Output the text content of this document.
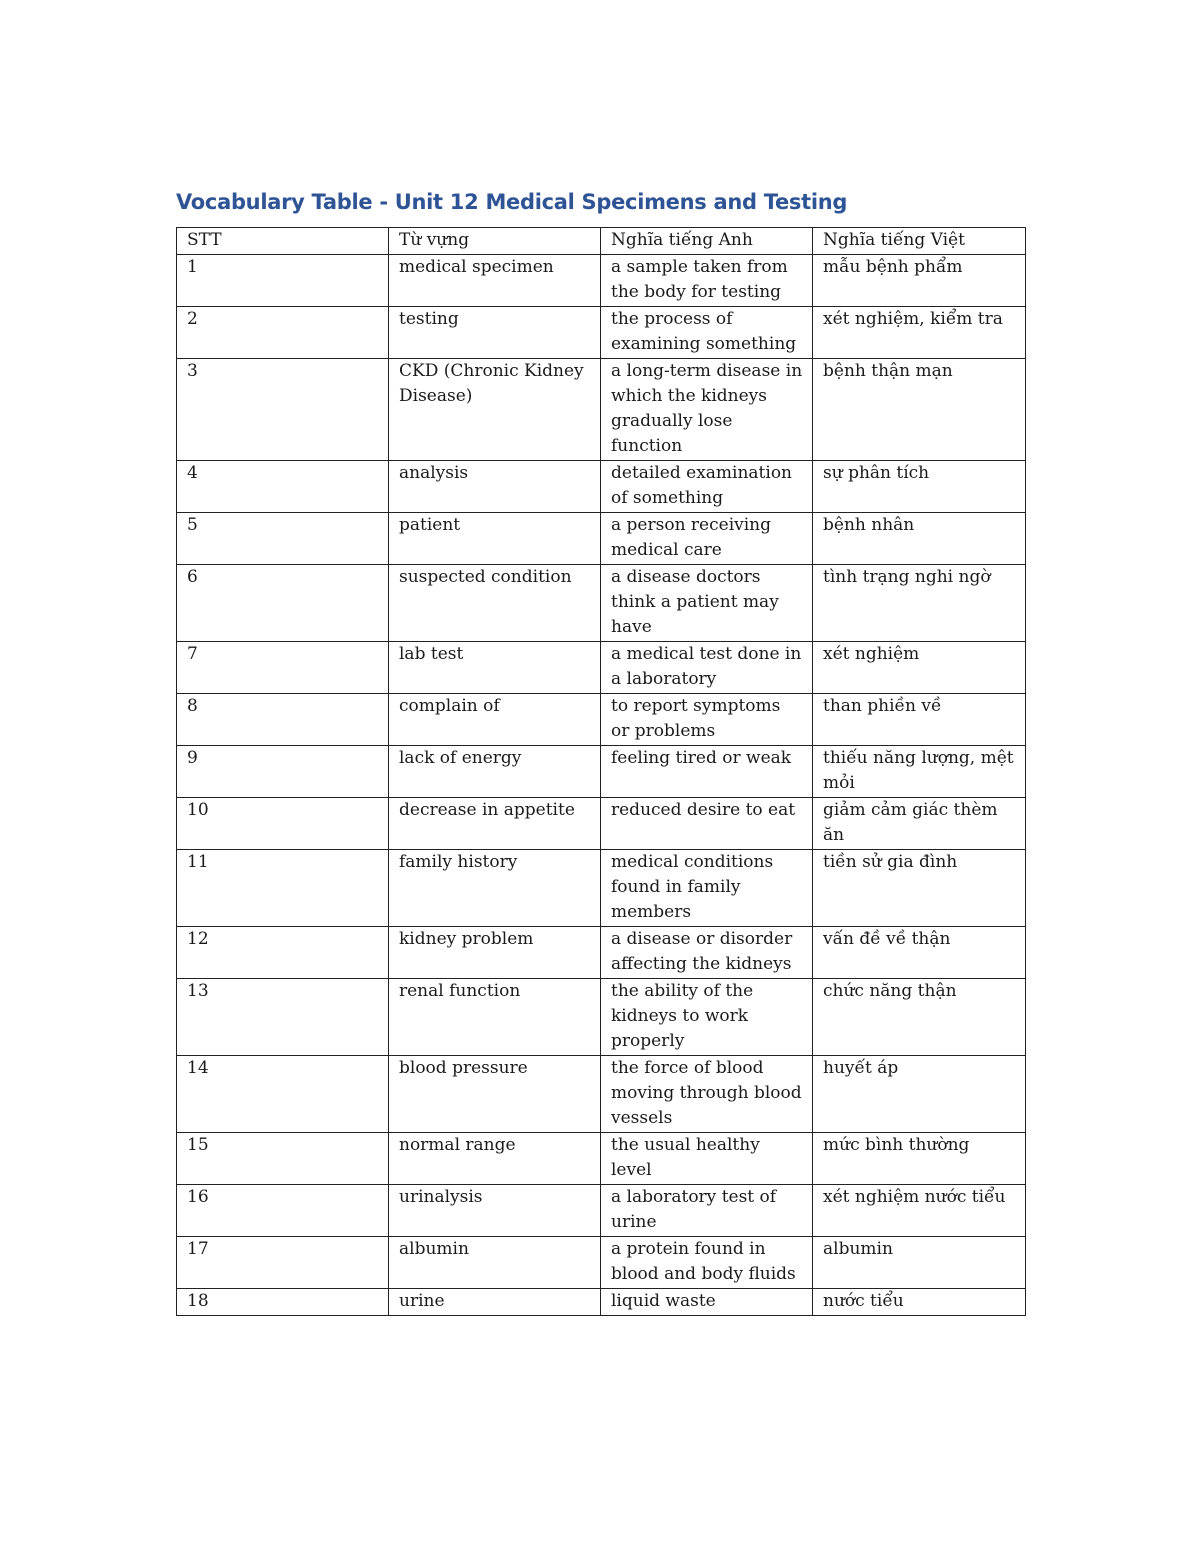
Vocabulary Table - Unit 12 Medical Specimens and Testing
STT	Từ vựng	Nghĩa tiếng Anh	Nghĩa tiếng Việt
1	medical specimen	a sample taken from the body for testing	mẫu bệnh phẩm
2	testing	the process of examining something	xét nghiệm, kiểm tra
3	CKD (Chronic Kidney Disease)	a long-term disease in which the kidneys gradually lose function	bệnh thận mạn
4	analysis	detailed examination of something	sự phân tích
5	patient	a person receiving medical care	bệnh nhân
6	suspected condition	a disease doctors think a patient may have	tình trạng nghi ngờ
7	lab test	a medical test done in a laboratory	xét nghiệm
8	complain of	to report symptoms or problems	than phiền về
9	lack of energy	feeling tired or weak	thiếu năng lượng, mệt mỏi
10	decrease in appetite	reduced desire to eat	giảm cảm giác thèm ăn
11	family history	medical conditions found in family members	tiền sử gia đình
12	kidney problem	a disease or disorder affecting the kidneys	vấn đề về thận
13	renal function	the ability of the kidneys to work properly	chức năng thận
14	blood pressure	the force of blood moving through blood vessels	huyết áp
15	normal range	the usual healthy level	mức bình thường
16	urinalysis	a laboratory test of urine	xét nghiệm nước tiểu
17	albumin	a protein found in blood and body fluids	albumin
18	urine	liquid waste	nước tiểu
